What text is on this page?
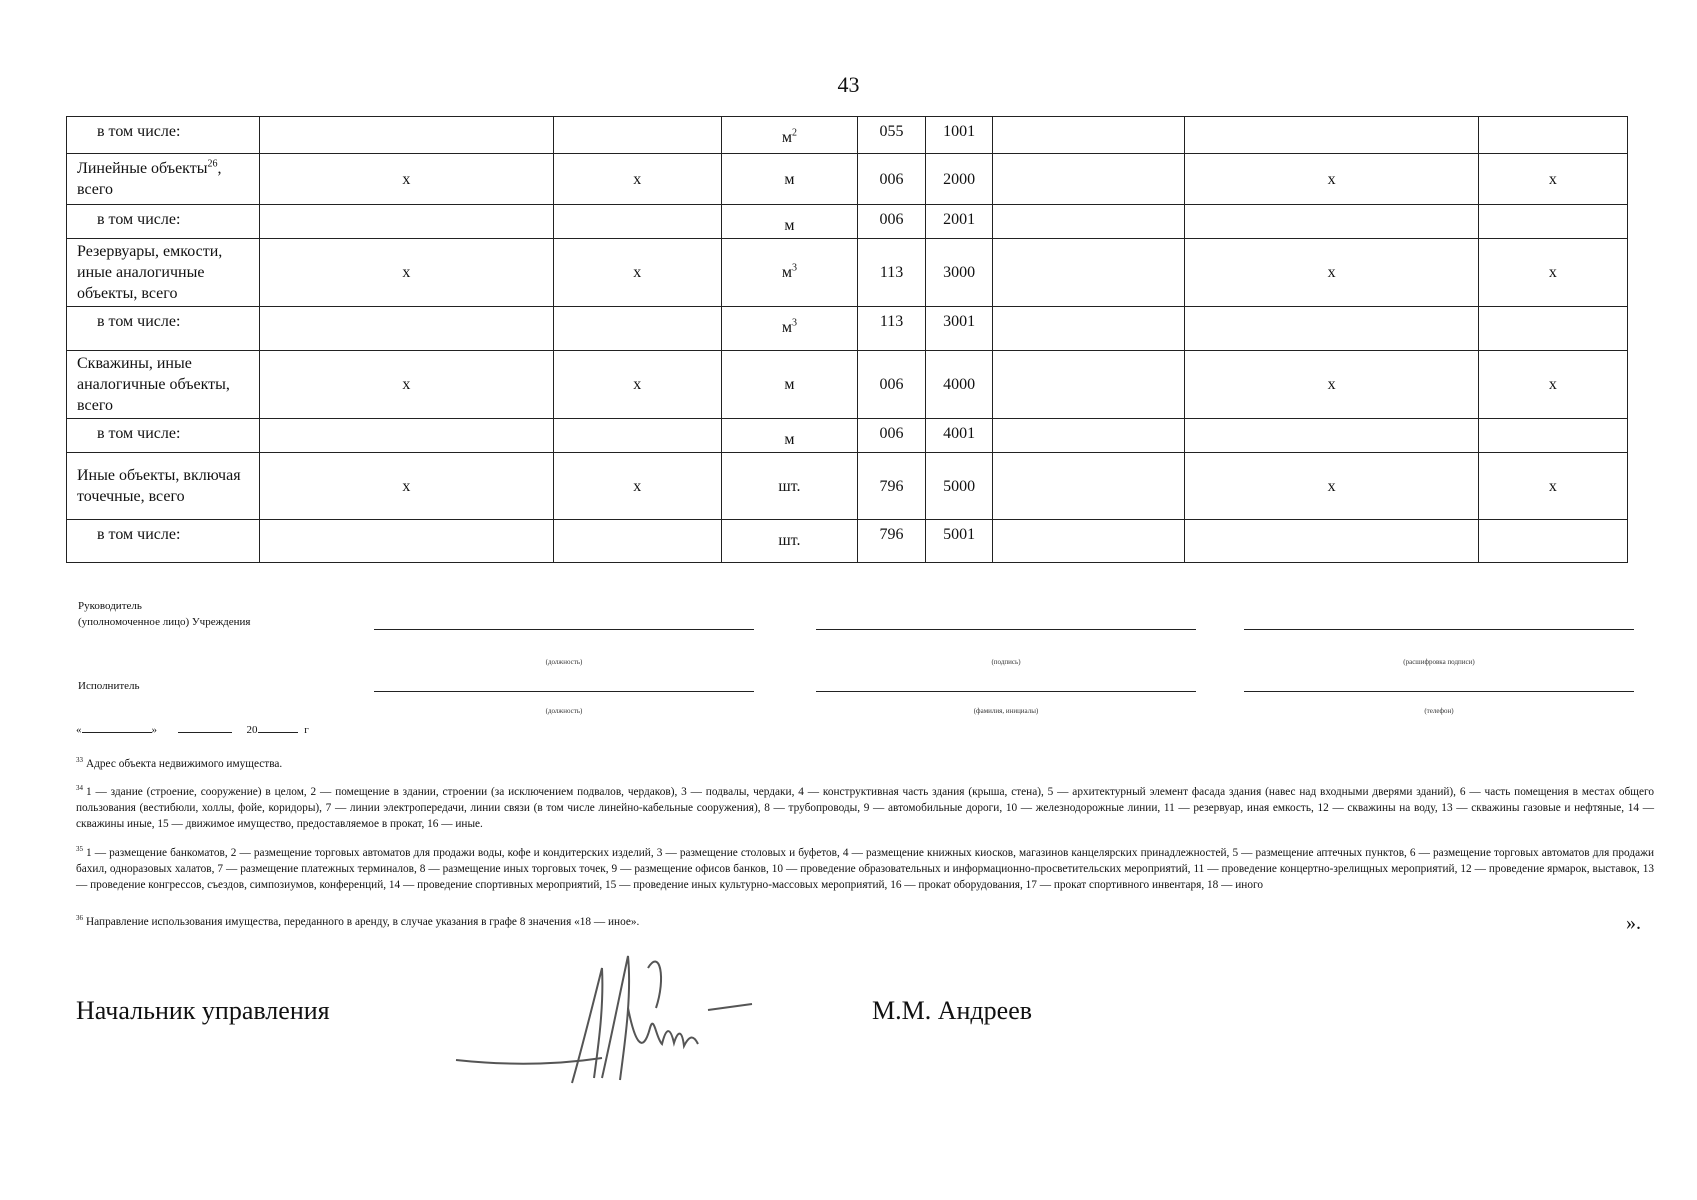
43
в том числе:			$м^2$	055	1001			
Линейные объекты$^{26}$, всего	х	х	м	006	2000		х	х
в том числе:			м	006	2001			
Резервуары, емкости, иные аналогичные объекты, всего	х	х	$м^3$	113	3000		х	х
в том числе:			$м^3$	113	3001			
Скважины, иные аналогичные объекты, всего	х	х	м	006	4000		х	х
в том числе:			м	006	4001			
Иные объекты, включая точечные, всего	х	х	шт.	796	5000		х	х
в том числе:			шт.	796	5001			
Руководитель
(уполномоченное лицо) Учреждения
(должность)	(подпись)	(расшифровка подписи)
Исполнитель
(должность)	(фамилия, инициалы)	(телефон)
«	»	20	г
$^{33}$ Адрес объекта недвижимого имущества.
$^{34}$ 1 — здание (строение, сооружение) в целом, 2 — помещение в здании, строении (за исключением подвалов, чердаков), 3 — подвалы, чердаки, 4 — конструктивная часть здания (крыша, стена), 5 — архитектурный элемент фасада здания (навес над входными дверями зданий), 6 — часть помещения в местах общего пользования (вестибюли, холлы, фойе, коридоры), 7 — линии электропередачи, линии связи (в том числе линейно-кабельные сооружения), 8 — трубопроводы, 9 — автомобильные дороги, 10 — железнодорожные линии, 11 — резервуар, иная емкость, 12 — скважины на воду, 13 — скважины газовые и нефтяные, 14 — скважины иные, 15 — движимое имущество, предоставляемое в прокат, 16 — иные.
$^{35}$ 1 — размещение банкоматов, 2 — размещение торговых автоматов для продажи воды, кофе и кондитерских изделий, 3 — размещение столовых и буфетов, 4 — размещение книжных киосков, магазинов канцелярских принадлежностей, 5 — размещение аптечных пунктов, 6 — размещение торговых автоматов для продажи бахил, одноразовых халатов, 7 — размещение платежных терминалов, 8 — размещение иных торговых точек, 9 — размещение офисов банков, 10 — проведение образовательных и информационно-просветительских мероприятий, 11 — проведение концертно-зрелищных мероприятий, 12 — проведение ярмарок, выставок, 13 — проведение конгрессов, съездов, симпозиумов, конференций, 14 — проведение спортивных мероприятий, 15 — проведение иных культурно-массовых мероприятий, 16 — прокат оборудования, 17 — прокат спортивного инвентаря, 18 — иного
$^{36}$ Направление использования имущества, переданного в аренду, в случае указания в графе 8 значения «18 — иное».	».
Начальник управления	М.М. Андреев
